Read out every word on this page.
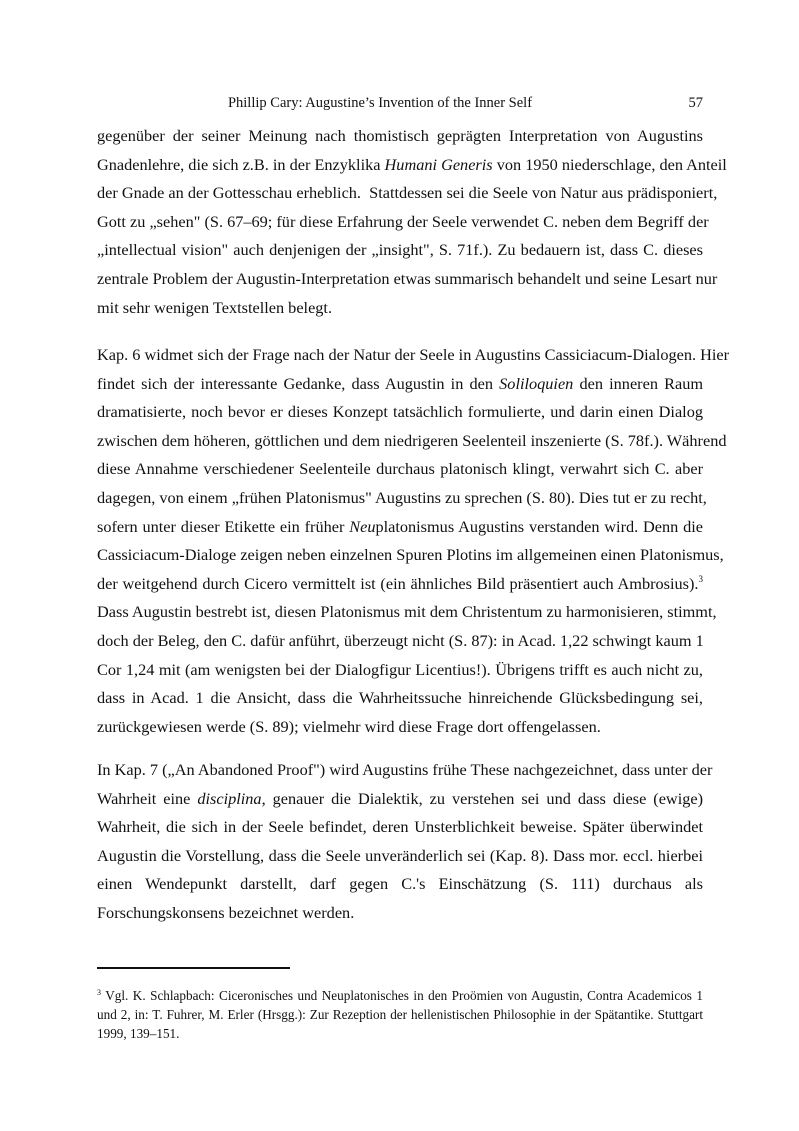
Phillip Cary: Augustine’s Invention of the Inner Self	57
gegenüber der seiner Meinung nach thomistisch geprägten Interpretation von Augustins
Gnadenlehre, die sich z.B. in der Enzyklika Humani Generis von 1950 niederschlage, den Anteil
der Gnade an der Gottesschau erheblich.  Stattdessen sei die Seele von Natur aus prädisponiert,
Gott zu „sehen" (S. 67–69; für diese Erfahrung der Seele verwendet C. neben dem Begriff der
„intellectual vision" auch denjenigen der „insight", S. 71f.). Zu bedauern ist, dass C. dieses
zentrale Problem der Augustin-Interpretation etwas summarisch behandelt und seine Lesart nur
mit sehr wenigen Textstellen belegt.
Kap. 6 widmet sich der Frage nach der Natur der Seele in Augustins Cassiciacum-Dialogen. Hier
findet sich der interessante Gedanke, dass Augustin in den Soliloquien den inneren Raum
dramatisierte, noch bevor er dieses Konzept tatsächlich formulierte, und darin einen Dialog
zwischen dem höheren, göttlichen und dem niedrigeren Seelenteil inszenierte (S. 78f.). Während
diese Annahme verschiedener Seelenteile durchaus platonisch klingt, verwahrt sich C. aber
dagegen, von einem „frühen Platonismus" Augustins zu sprechen (S. 80). Dies tut er zu recht,
sofern unter dieser Etikette ein früher Neuplatonismus Augustins verstanden wird. Denn die
Cassiciacum-Dialoge zeigen neben einzelnen Spuren Plotins im allgemeinen einen Platonismus,
der weitgehend durch Cicero vermittelt ist (ein ähnliches Bild präsentiert auch Ambrosius).$^3$
Dass Augustin bestrebt ist, diesen Platonismus mit dem Christentum zu harmonisieren, stimmt,
doch der Beleg, den C. dafür anführt, überzeugt nicht (S. 87): in Acad. 1,22 schwingt kaum 1
Cor 1,24 mit (am wenigsten bei der Dialogfigur Licentius!). Übrigens trifft es auch nicht zu,
dass in Acad. 1 die Ansicht, dass die Wahrheitssuche hinreichende Glücksbedingung sei,
zurückgewiesen werde (S. 89); vielmehr wird diese Frage dort offengelassen.
In Kap. 7 („An Abandoned Proof") wird Augustins frühe These nachgezeichnet, dass unter der
Wahrheit eine disciplina, genauer die Dialektik, zu verstehen sei und dass diese (ewige)
Wahrheit, die sich in der Seele befindet, deren Unsterblichkeit beweise. Später überwindet
Augustin die Vorstellung, dass die Seele unveränderlich sei (Kap. 8). Dass mor. eccl. hierbei
einen Wendepunkt darstellt, darf gegen C.'s Einschätzung (S. 111) durchaus als
Forschungskonsens bezeichnet werden.
$^3$ Vgl. K. Schlapbach: Ciceronisches und Neuplatonisches in den Proömien von Augustin, Contra Academicos 1
und 2, in: T. Fuhrer, M. Erler (Hrsgg.): Zur Rezeption der hellenistischen Philosophie in der Spätantike. Stuttgart
1999, 139–151.
